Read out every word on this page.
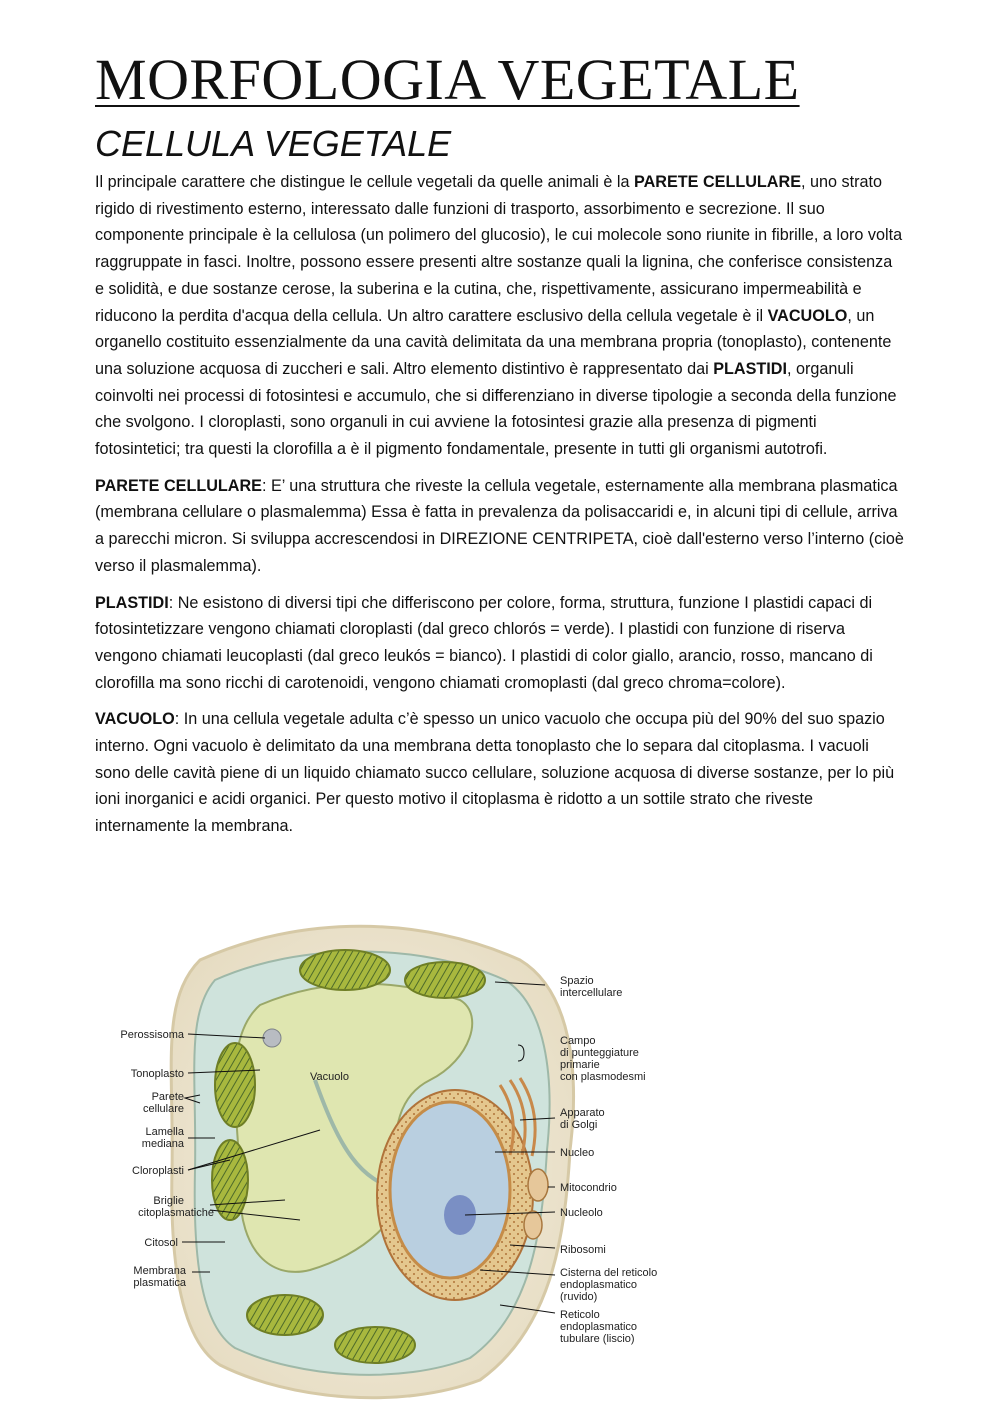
MORFOLOGIA VEGETALE
CELLULA VEGETALE

Il principale carattere che distingue le cellule vegetali da quelle animali è la PARETE CELLULARE, uno strato rigido di rivestimento esterno, interessato dalle funzioni di trasporto, assorbimento e secrezione. Il suo componente principale è la cellulosa (un polimero del glucosio), le cui molecole sono riunite in fibrille, a loro volta raggruppate in fasci. Inoltre, possono essere presenti altre sostanze quali la lignina, che conferisce consistenza e solidità, e due sostanze cerose, la suberina e la cutina, che, rispettivamente, assicurano impermeabilità e riducono la perdita d'acqua della cellula. Un altro carattere esclusivo della cellula vegetale è il VACUOLO, un organello costituito essenzialmente da una cavità delimitata da una membrana propria (tonoplasto), contenente una soluzione acquosa di zuccheri e sali. Altro elemento distintivo è rappresentato dai PLASTIDI, organuli coinvolti nei processi di fotosintesi e accumulo, che si differenziano in diverse tipologie a seconda della funzione che svolgono. I cloroplasti, sono organuli in cui avviene la fotosintesi grazie alla presenza di pigmenti fotosintetici; tra questi la clorofilla a è il pigmento fondamentale, presente in tutti gli organismi autotrofi.

PARETE CELLULARE: E’ una struttura che riveste la cellula vegetale, esternamente alla membrana plasmatica (membrana cellulare o plasmalemma) Essa è fatta in prevalenza da polisaccaridi e, in alcuni tipi di cellule, arriva a parecchi micron. Si sviluppa accrescendosi in DIREZIONE CENTRIPETA, cioè dall'esterno verso l’interno (cioè verso il plasmalemma).

PLASTIDI: Ne esistono di diversi tipi che differiscono per colore, forma, struttura, funzione I plastidi capaci di fotosintetizzare vengono chiamati cloroplasti (dal greco chlorós = verde). I plastidi con funzione di riserva vengono chiamati leucoplasti (dal greco leukós = bianco). I plastidi di color giallo, arancio, rosso, mancano di clorofilla ma sono ricchi di carotenoidi, vengono chiamati cromoplasti (dal greco chroma=colore).

VACUOLO: In una cellula vegetale adulta c’è spesso un unico vacuolo che occupa più del 90% del suo spazio interno. Ogni vacuolo è delimitato da una membrana detta tonoplasto che lo separa dal citoplasma. I vacuoli sono delle cavità piene di un liquido chiamato succo cellulare, soluzione acquosa di diverse sostanze, per lo più ioni inorganici e acidi organici. Per questo motivo il citoplasma è ridotto a un sottile strato che riveste internamente la membrana.

Perossisoma
Tonoplasto
Parete
cellulare
Lamella
mediana
Cloroplasti
Briglie
citoplasmatiche
Citosol
Membrana
plasmatica
Vacuolo
Spazio
intercellulare
Campo
di punteggiature
primarie
con plasmodesmi
Apparato
di Golgi
Nucleo
Mitocondrio
Nucleolo
Ribosomi
Cisterna del reticolo
endoplasmatico
(ruvido)
Reticolo
endoplasmatico
tubulare (liscio)
